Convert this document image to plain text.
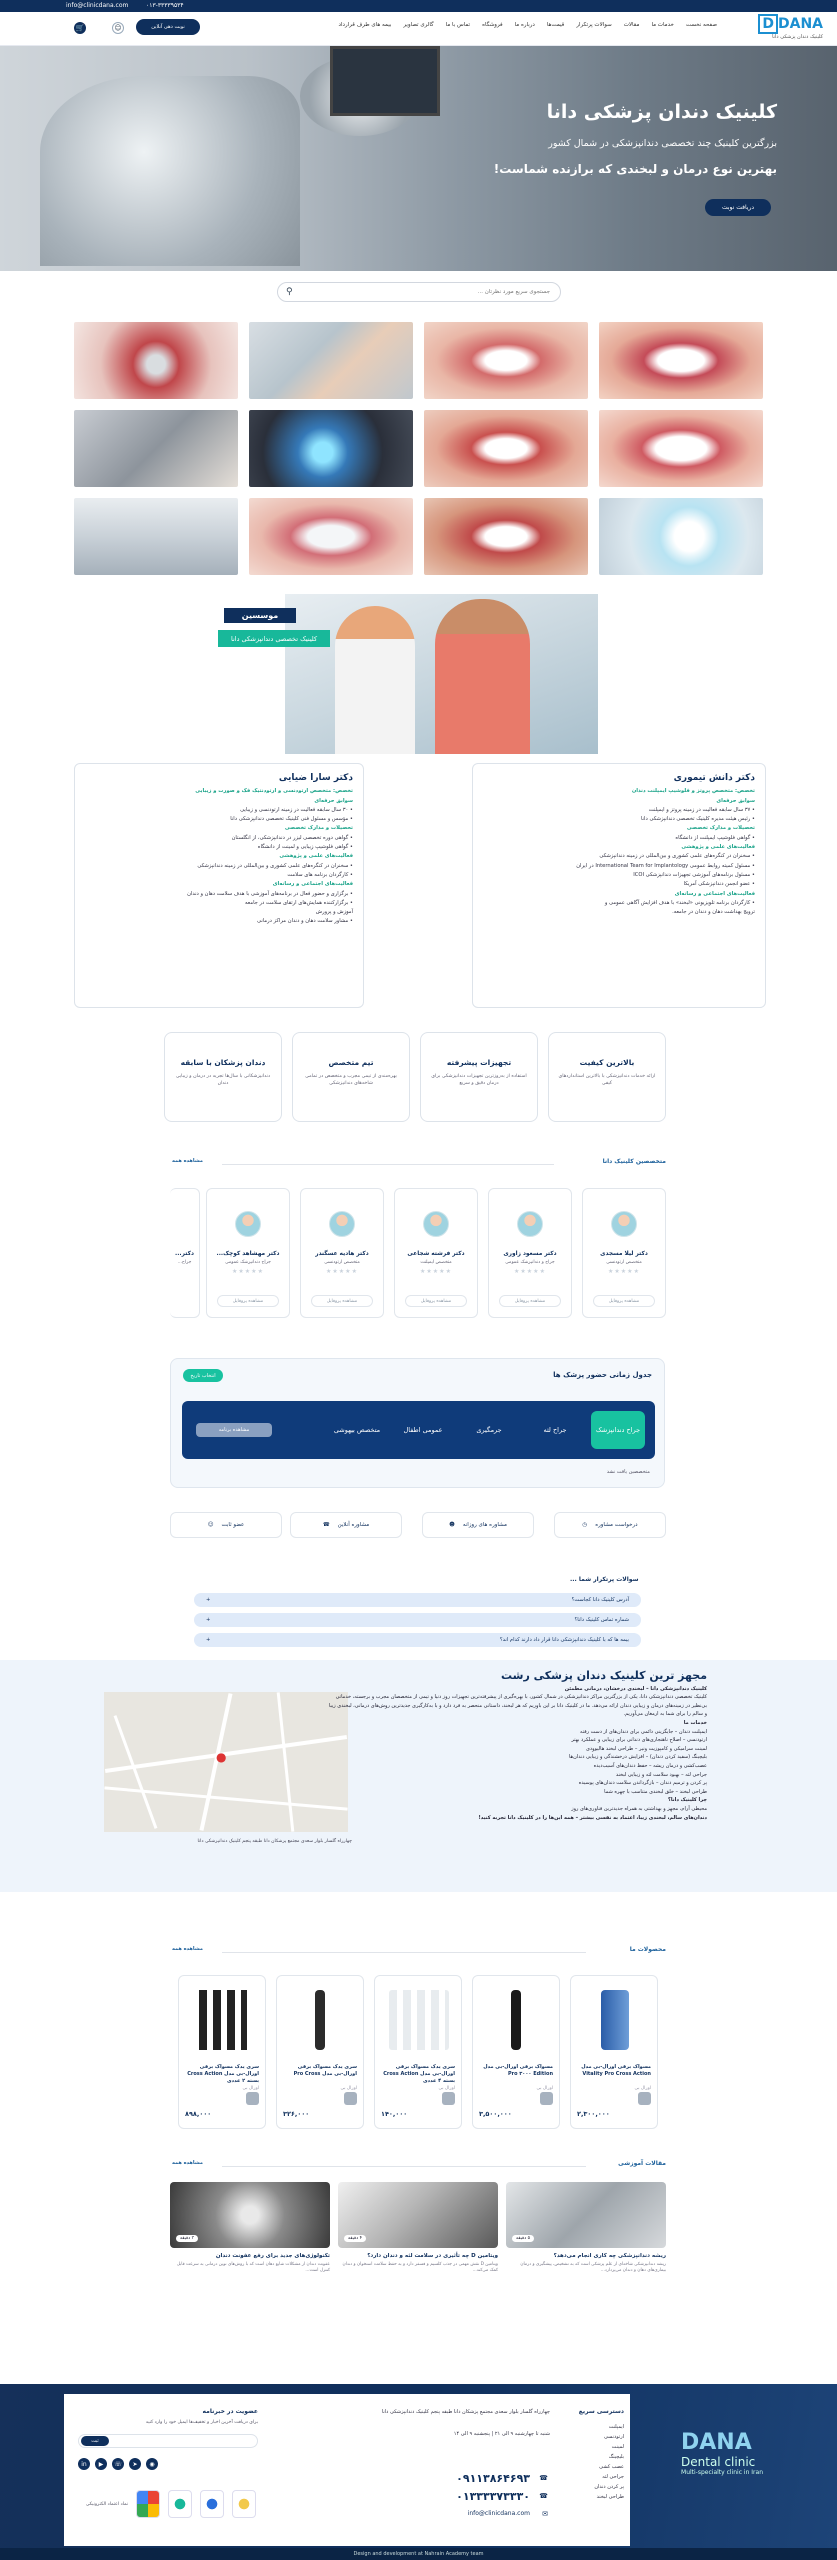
info@clinicdana.com	۰۱۳-۳۳۳۳۹۵۳۴
D DANA
کلینیک دندان پزشکی دانا
صفحه نخست
خدمات ما
مقالات
سوالات پرتکرار
قیمت‌ها
درباره ما
فروشگاه
تماس با ما
گالری تصاویر
بیمه های طرف قرارداد
نوبت دهی آنلاین
☺
🛒
کلینیک دندان پزشکی دانا
بزرگترین کلینیک چند تخصصی دندانپزشکی در شمال کشور
بهترین نوع درمان و لبخندی که برازنده شماست!
دریافت نوبت
جستجوی سریع مورد نظرتان ...
⚲
موسسین
کلینیک تخصصی دندانپزشکی دانا
دکتر دانش تیموری
تخصص: متخصص پروتز و فلوشیپ ایمپلنت دندان
سوابق حرفه‌ای
• ۳۷ سال سابقه فعالیت در زمینه پروتز و ایمپلنت
• رئیس هیئت مدیره کلینیک تخصصی دندانپزشکی دانا
تحصیلات و مدارک تخصصی
• گواهی فلوشیپ ایمپلنت از دانشگاه
فعالیت‌های علمی و پژوهشی
• سخنران در کنگره‌های علمی کشوری و بین‌المللی در زمینه دندانپزشکی
• مسئول کمیته روابط عمومی International Team for Implantology در ایران
• مسئول برنامه‌های آموزشی تجهیزات دندانپزشکی ICOI
• عضو انجمن دندانپزشکی آمریکا
فعالیت‌های اجتماعی و رسانه‌ای
• کارگردان برنامه تلویزیونی «لبخند» با هدف افزایش آگاهی عمومی و
ترویج بهداشت دهان و دندان در جامعه.
دکتر سارا ضیایی
تخصص: متخصص ارتودنسی و ارتودنتیک فک و صورت و زیبایی
سوابق حرفه‌ای
• ۳۰ سال سابقه فعالیت در زمینه ارتودنسی و زیبایی
• مؤسس و مسئول فنی کلینیک تخصصی دندانپزشکی دانا
تحصیلات و مدارک تخصصی
• گواهی دوره تخصصی لیزر در دندانپزشکی، از انگلستان
• گواهی فلوشیپ زیبایی و لمینت از دانشگاه
فعالیت‌های علمی و پژوهشی
• سخنران در کنگره‌های علمی کشوری و بین‌المللی در زمینه دندانپزشکی
• کارگردان برنامه های سلامت
فعالیت‌های اجتماعی و رسانه‌ای
• برگزاری و حضور فعال در برنامه‌های آموزشی با هدف سلامت دهان و دندان
• برگزارکننده همایش‌های ارتقای سلامت در جامعه
آموزش و پرورش
• مشاور سلامت دهان و دندان مراکز درمانی
بالاترین کیفیت
ارائه خدمات دندانپزشکی با بالاترین استانداردهای کیفی
تجهیزات پیشرفته
استفاده از به‌روزترین تجهیزات دندانپزشکی برای درمان دقیق و سریع
تیم متخصص
بهره‌مندی از تیمی مجرب و متخصص در تمامی شاخه‌های دندانپزشکی
دندان پزشکان با سابقه
دندانپزشکانی با سال‌ها تجربه در درمان و زیبایی دندان
متخصصین کلینیک دانا
مشاهده همه
دکتر لیلا مسجدی
متخصص ارتودنسی
★★★★★
مشاهده پروفایل
دکتر مسعود زاوری
جراح و دندانپزشک عمومی
★★★★★
مشاهده پروفایل
دکتر فرشته شجاعی
متخصص ایمپلنت
★★★★★
مشاهده پروفایل
دکتر هادیه عسگندر
متخصص ارتودنسی
★★★★★
مشاهده پروفایل
دکتر مهشاهد کوچک...
جراح دندانپزشک عمومی
★★★★★
مشاهده پروفایل
دکتر...
جراح...
جدول زمانی حضور پزشک ها
انتخاب تاریخ
جراح دندانپزشک
جراح لثه
جرمگیری
عمومی اطفال
متخصص بیهوشی
مشاهده برنامه
متخصصین یافت نشد
درخواست مشاوره
◷
مشاوره های روزانه
☻
مشاوره آنلاین
☎
عضو ثابت
☺
سوالات پرتکرار شما ...
آدرس کلینیک دانا کجاست؟
+
شماره تماس کلینیک دانا؟
+
بیمه ها که با کلینیک دندانپزشکی دانا قرار داد دارند کدام اند؟
+
●
چهارراه گلسار بلوار سعدی مجتمع پزشکان دانا طبقه پنجم کلینیک دندانپزشکی دانا
مجهز ترین کلینیک دندان پزشکی رشت
کلینیک دندانپزشکی دانا – لبخندی درخشان، درمانی مطمئن
کلینیک تخصصی دندانپزشکی دانا، یکی از بزرگترین مراکز دندانپزشکی در شمال کشور، با بهره‌گیری از پیشرفته‌ترین تجهیزات روز دنیا و تیمی از متخصصان مجرب و برجسته، خدماتی بی‌نظیر در زمینه‌های درمان و زیبایی دندان ارائه می‌دهد. ما در کلینیک دانا بر این باوریم که هر لبخند، داستانی منحصر به فرد دارد و با به‌کارگیری جدیدترین روش‌های درمانی، لبخندی زیبا و سالم را برای شما به ارمغان می‌آوریم.
خدمات ما
ایمپلنت دندان – جایگزینی دائمی برای دندان‌های از دست رفته
ارتودنسی – اصلاح ناهنجاری‌های دندانی برای زیبایی و عملکرد بهتر
لمینت سرامیکی و کامپوزیت ونیر – طراحی لبخند هالیوودی
بلیچینگ (سفید کردن دندان) – افزایش درخشندگی و زیبایی دندان‌ها
عصب‌کشی و درمان ریشه – حفظ دندان‌های آسیب‌دیده
جراحی لثه – بهبود سلامت لثه و زیبایی لبخند
پر کردن و ترمیم دندان – بازگرداندن سلامت دندان‌های پوسیده
طراحی لبخند – خلق لبخندی متناسب با چهره شما
چرا کلینیک دانا؟
محیطی آرام، مجهز و بهداشتی به همراه جدیدترین فناوری‌های روز
دندان‌های سالم، لبخندی زیبا، اعتماد به نفسی بیشتر – همه این‌ها را در کلینیک دانا تجربه کنید!
محصولات ما
مشاهده همه
مسواک برقی اورال-بی مدل Vitality Pro Cross Action
اورال بی
۲,۳۰۰,۰۰۰
مسواک برقی اورال-بی مدل Pro ۳۰۰۰ Edition
اورال بی
۳,۵۰۰,۰۰۰
سری یدک مسواک برقی اورال-بی مدل Cross Action بسته ۴ عددی
اورال بی
۱۴۰,۰۰۰
سری یدک مسواک برقی اورال-بی مدل Pro Cross
اورال بی
۳۲۶,۰۰۰
سری یدک مسواک برقی اورال-بی مدل Cross Action بسته ۲ عددی
اورال بی
۸۹۸,۰۰۰
مقالات آموزشی
مشاهده همه
۵ دقیقه
ریشه دندانپزشکی چه کاری انجام می‌دهد؟

ریشه دندانپزشکی شاخه‌ای از علم پزشکی است که به تشخیص، پیشگیری و درمان بیماری‌های دهان و دندان می‌پردازد...

۴ دقیقه
ویتامین D چه تأثیری در سلامت لثه و دندان دارد؟

ویتامین D نقش مهمی در جذب کلسیم و فسفر دارد و به حفظ سلامت استخوان و دندان کمک می‌کند...

۳ دقیقه
تکنولوژی‌های جدید برای رفع عفونت دندان

عفونت دندان از مشکلات شایع دهان است که با روش‌های نوین درمانی به سرعت قابل کنترل است...

DANA
Dental clinic
Multi-specialty clinic in Iran
دسترسی سریع
ایمپلنت
ارتودنسی
لمینت
بلیچینگ
عصب کشی
جراحی لثه
پر کردن دندان
طراحی لبخند
چهارراه گلسار بلوار سعدی مجتمع پزشکان دانا طبقه پنجم کلینیک دندانپزشکی دانا
شنبه تا چهارشنبه ۹ الی ۲۱ | پنجشنبه ۹ الی ۱۴
۰۹۱۱۳۸۶۴۶۹۳ ☎
۰۱۳۳۳۳۷۳۳۳۰ ☎
info@clinicdana.com ✉
عضویت در خبرنامه
برای دریافت آخرین اخبار و تخفیف‌ها ایمیل خود را وارد کنید
ثبت
◉
➤
☏
▶
in
نماد اعتماد الکترونیکی
Design and development at Nahrain Academy team
